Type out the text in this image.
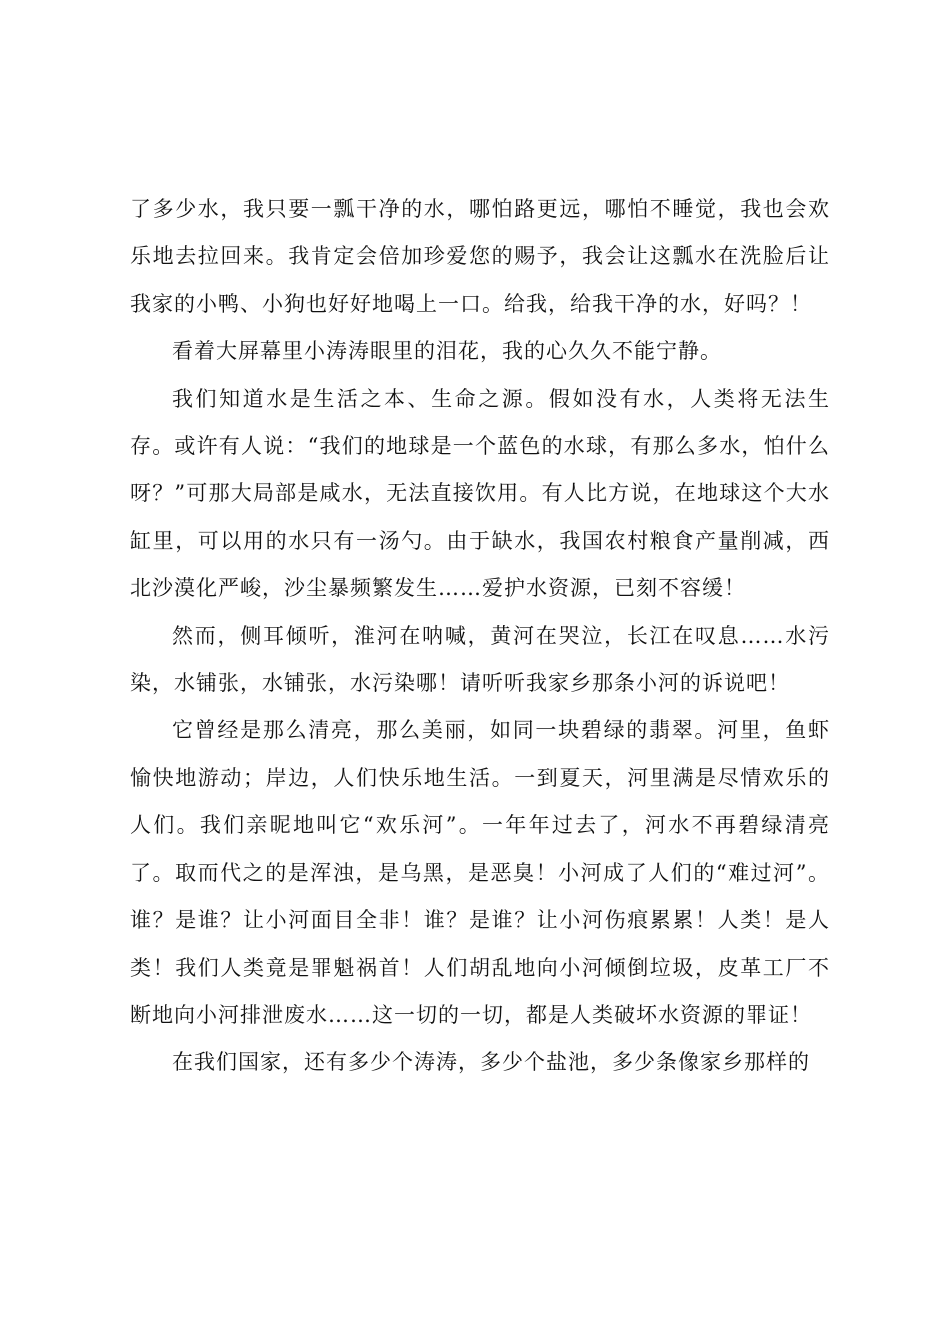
了多少水，我只要一瓢干净的水，哪怕路更远，哪怕不睡觉，我也会欢乐地去拉回来。我肯定会倍加珍爱您的赐予，我会让这瓢水在洗脸后让我家的小鸭、小狗也好好地喝上一口。给我，给我干净的水，好吗？！

看着大屏幕里小涛涛眼里的泪花，我的心久久不能宁静。

我们知道水是生活之本、生命之源。假如没有水，人类将无法生存。或许有人说：“我们的地球是一个蓝色的水球，有那么多水，怕什么呀？”可那大局部是咸水，无法直接饮用。有人比方说，在地球这个大水缸里，可以用的水只有一汤勺。由于缺水，我国农村粮食产量削减，西北沙漠化严峻，沙尘暴频繁发生……爱护水资源，已刻不容缓！

然而，侧耳倾听，淮河在呐喊，黄河在哭泣，长江在叹息……水污染，水铺张，水铺张，水污染哪！请听听我家乡那条小河的诉说吧！

它曾经是那么清亮，那么美丽，如同一块碧绿的翡翠。河里，鱼虾愉快地游动；岸边，人们快乐地生活。一到夏天，河里满是尽情欢乐的人们。我们亲昵地叫它“欢乐河”。一年年过去了，河水不再碧绿清亮了。取而代之的是浑浊，是乌黑，是恶臭！小河成了人们的“难过河”。谁？是谁？让小河面目全非！谁？是谁？让小河伤痕累累！人类！是人类！我们人类竟是罪魁祸首！人们胡乱地向小河倾倒垃圾，皮革工厂不断地向小河排泄废水……这一切的一切，都是人类破坏水资源的罪证！

在我们国家，还有多少个涛涛，多少个盐池，多少条像家乡那样的
